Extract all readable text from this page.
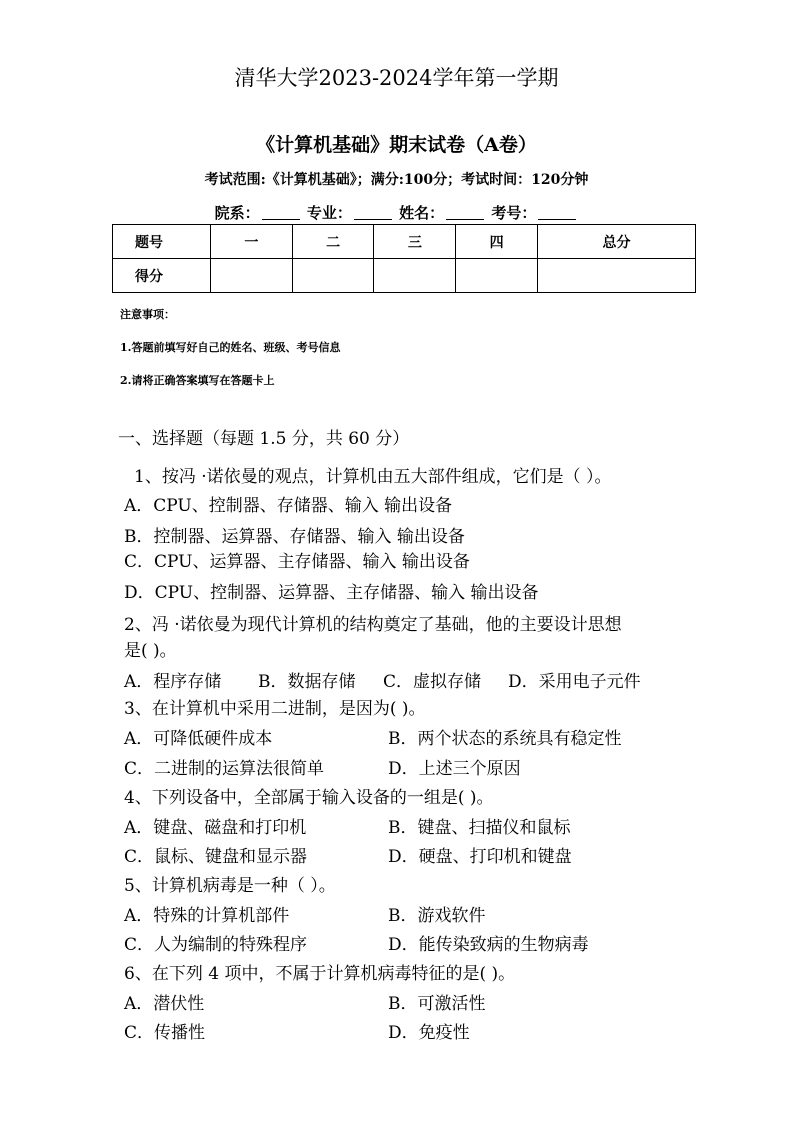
清华大学2023-2024学年第一学期
《计算机基础》期末试卷（A卷）
考试范围:《计算机基础》；满分:100分；考试时间：120分钟
院系：	专业：	姓名：	考号：
题号	一	二	三	四	总分
得分					
注意事项：
1.答题前填写好自己的姓名、班级、考号信息
2.请将正确答案填写在答题卡上
一、选择题（每题 1.5 分，共 60 分）
1、按冯 ·诺依曼的观点，计算机由五大部件组成，它们是（ ）。
A．CPU、控制器、存储器、输入 输出设备
B．控制器、运算器、存储器、输入 输出设备
C．CPU、运算器、主存储器、输入 输出设备
D．CPU、控制器、运算器、主存储器、输入 输出设备
2、冯 ·诺依曼为现代计算机的结构奠定了基础，他的主要设计思想
是( )。
A．程序存储 B．数据存储 C．虚拟存储 D．采用电子元件
3、在计算机中采用二进制，是因为( )。
A．可降低硬件成本	B．两个状态的系统具有稳定性
C．二进制的运算法很简单	D．上述三个原因
4、下列设备中，全部属于输入设备的一组是( )。
A．键盘、磁盘和打印机	B．键盘、扫描仪和鼠标
C．鼠标、键盘和显示器	D．硬盘、打印机和键盘
5、计算机病毒是一种（ ）。
A．特殊的计算机部件	B．游戏软件
C．人为编制的特殊程序	D．能传染致病的生物病毒
6、在下列 4 项中，不属于计算机病毒特征的是( )。
A．潜伏性	B．可激活性
C．传播性	D．免疫性
